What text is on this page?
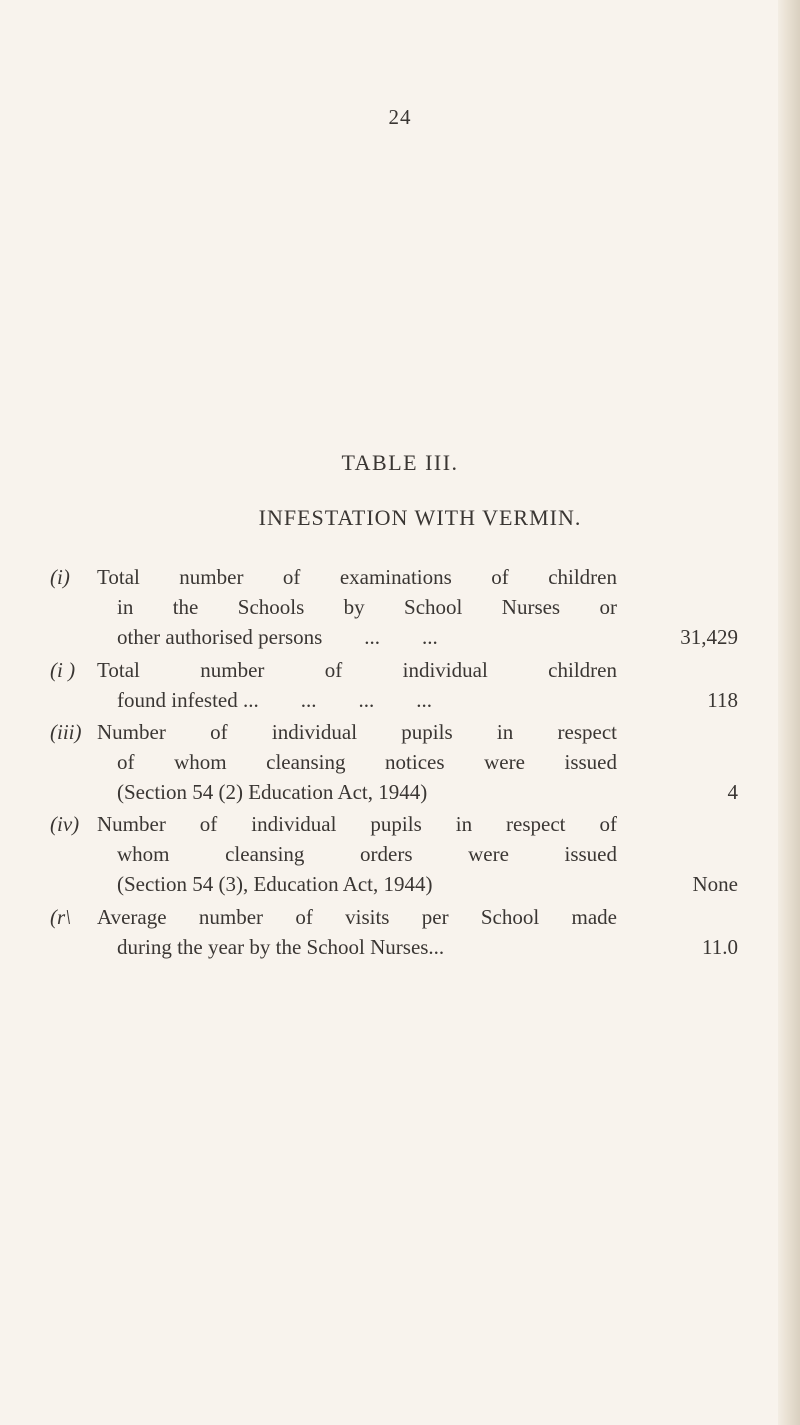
24
TABLE III.
INFESTATION WITH VERMIN.
(i) Total number of examinations of children
in the Schools by School Nurses or
other authorised persons        ...        ...	31,429
(i ) Total number of individual children
found infested ...        ...        ...        ...	118
(iii) Number of individual pupils in respect
of whom cleansing notices were issued
(Section 54 (2) Education Act, 1944)	4
(iv) Number of individual pupils in respect of
whom cleansing orders were issued
(Section 54 (3), Education Act, 1944)	None
(r\ Average number of visits per School made
during the year by the School Nurses...	11.0
